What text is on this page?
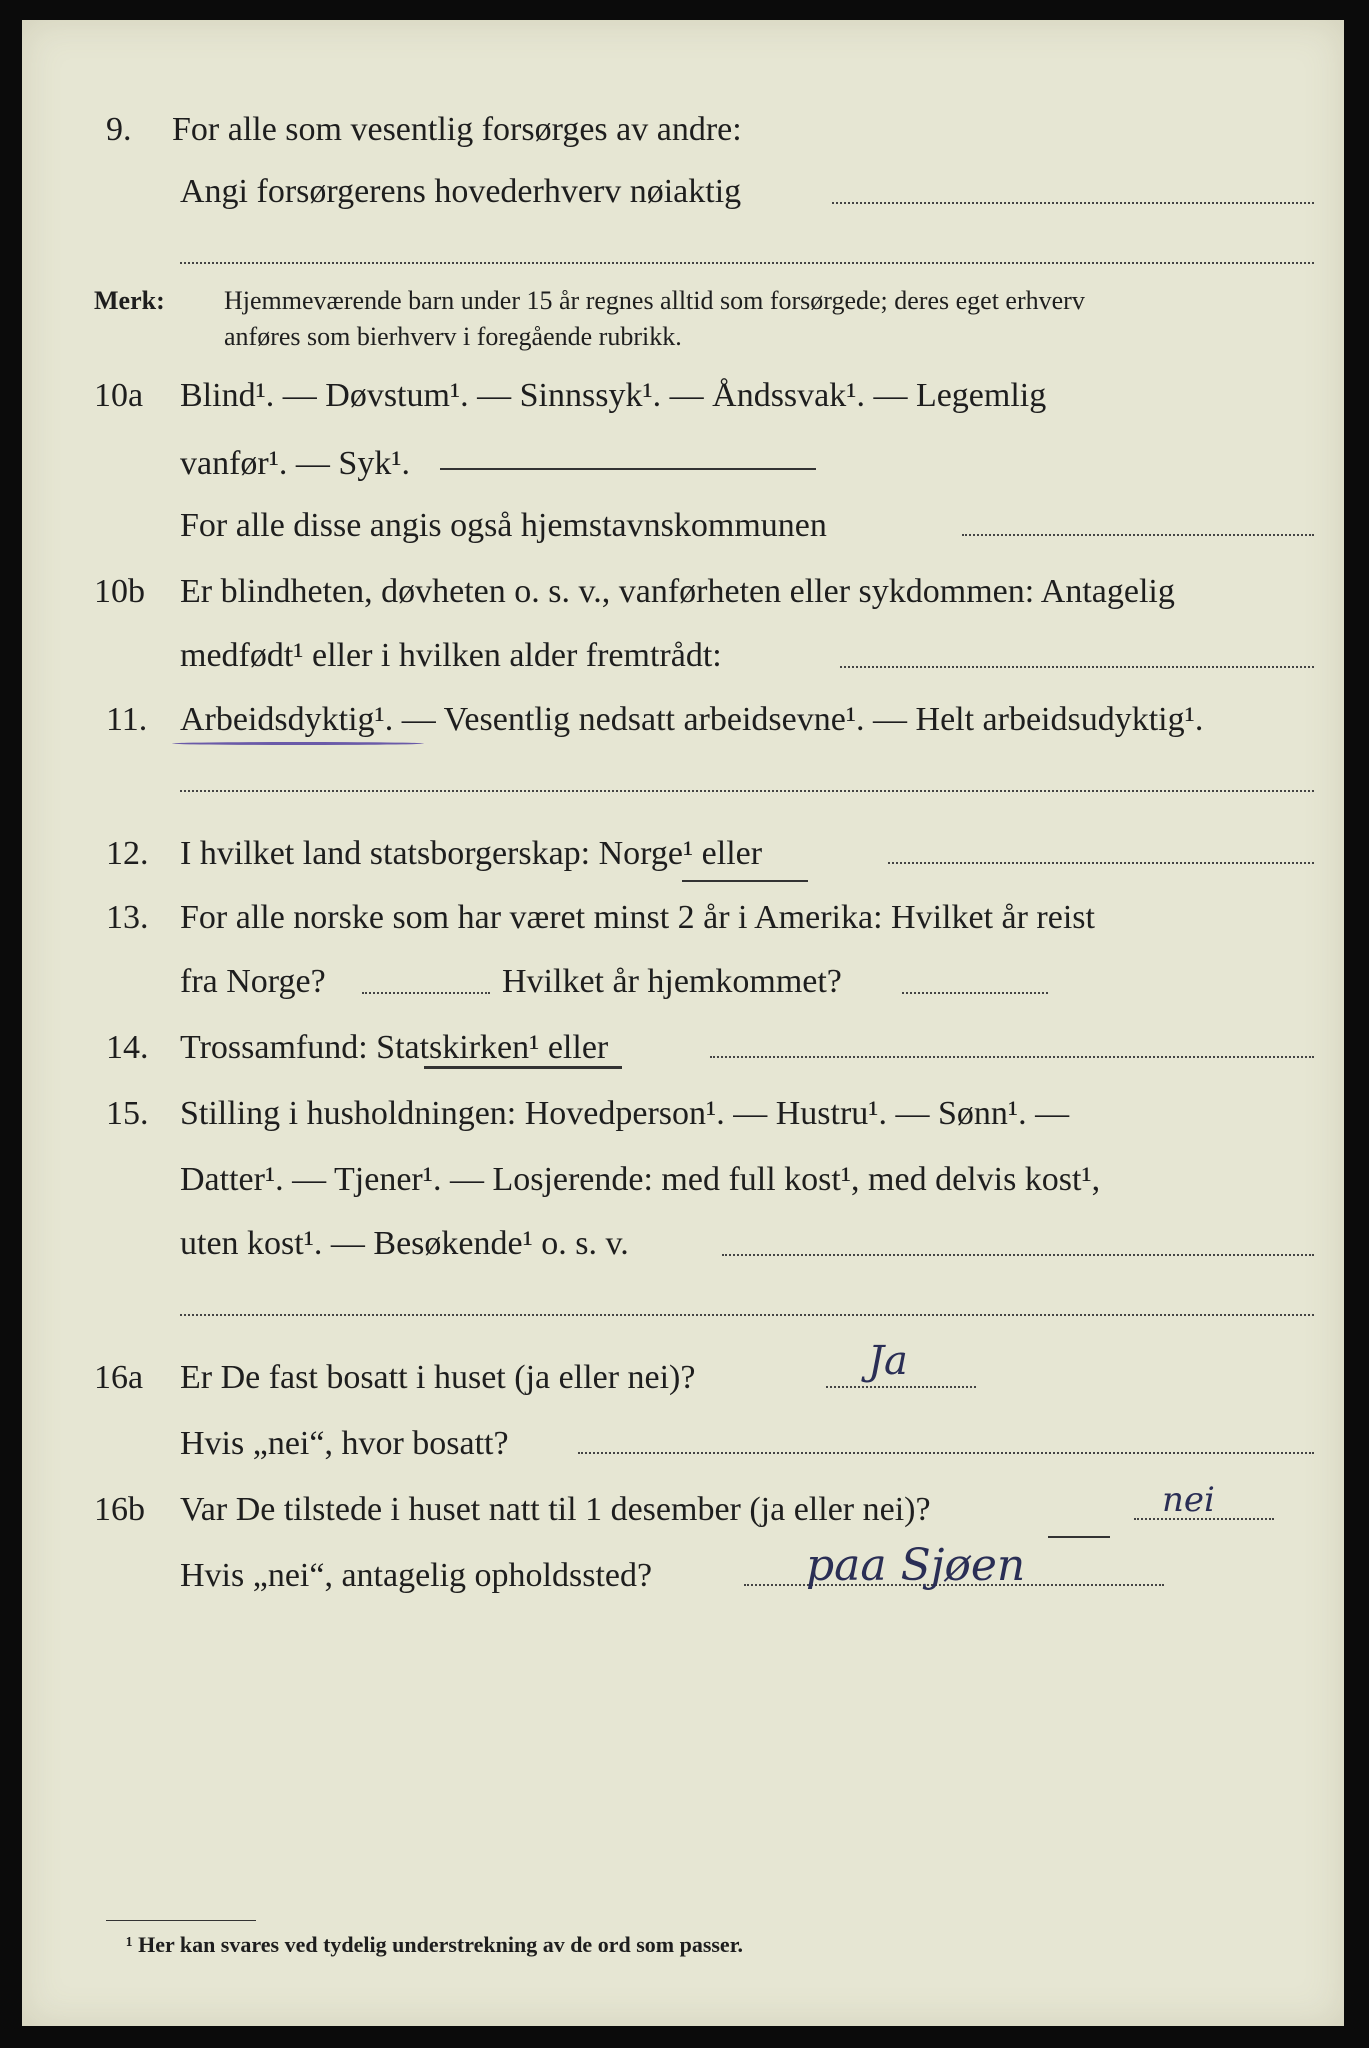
9. For alle som vesentlig forsørges av andre:
Angi forsørgerens hovederhverv nøiaktig
Merk: Hjemmeværende barn under 15 år regnes alltid som forsørgede; deres eget erhverv
anføres som bierhverv i foregående rubrikk.
10a Blind¹. — Døvstum¹. — Sinnssyk¹. — Åndssvak¹. — Legemlig
vanfør¹. — Syk¹.
For alle disse angis også hjemstavnskommunen
10b Er blindheten, døvheten o. s. v., vanførheten eller sykdommen: Antagelig
medfødt¹ eller i hvilken alder fremtrådt:
11. Arbeidsdyktig¹. — Vesentlig nedsatt arbeidsevne¹. — Helt arbeidsudyktig¹.
12. I hvilket land statsborgerskap: Norge¹ eller
13. For alle norske som har været minst 2 år i Amerika: Hvilket år reist
fra Norge?	Hvilket år hjemkommet?
14. Trossamfund: Statskirken¹ eller
15. Stilling i husholdningen: Hovedperson¹. — Hustru¹. — Sønn¹. —
Datter¹. — Tjener¹. — Losjerende: med full kost¹, med delvis kost¹,
uten kost¹. — Besøkende¹ o. s. v.
16a Er De fast bosatt i huset (ja eller nei)?	Ja
Hvis „nei“, hvor bosatt?
16b Var De tilstede i huset natt til 1 desember (ja eller nei)?	nei
Hvis „nei“, antagelig opholdssted?	paa Sjøen
¹ Her kan svares ved tydelig understrekning av de ord som passer.
